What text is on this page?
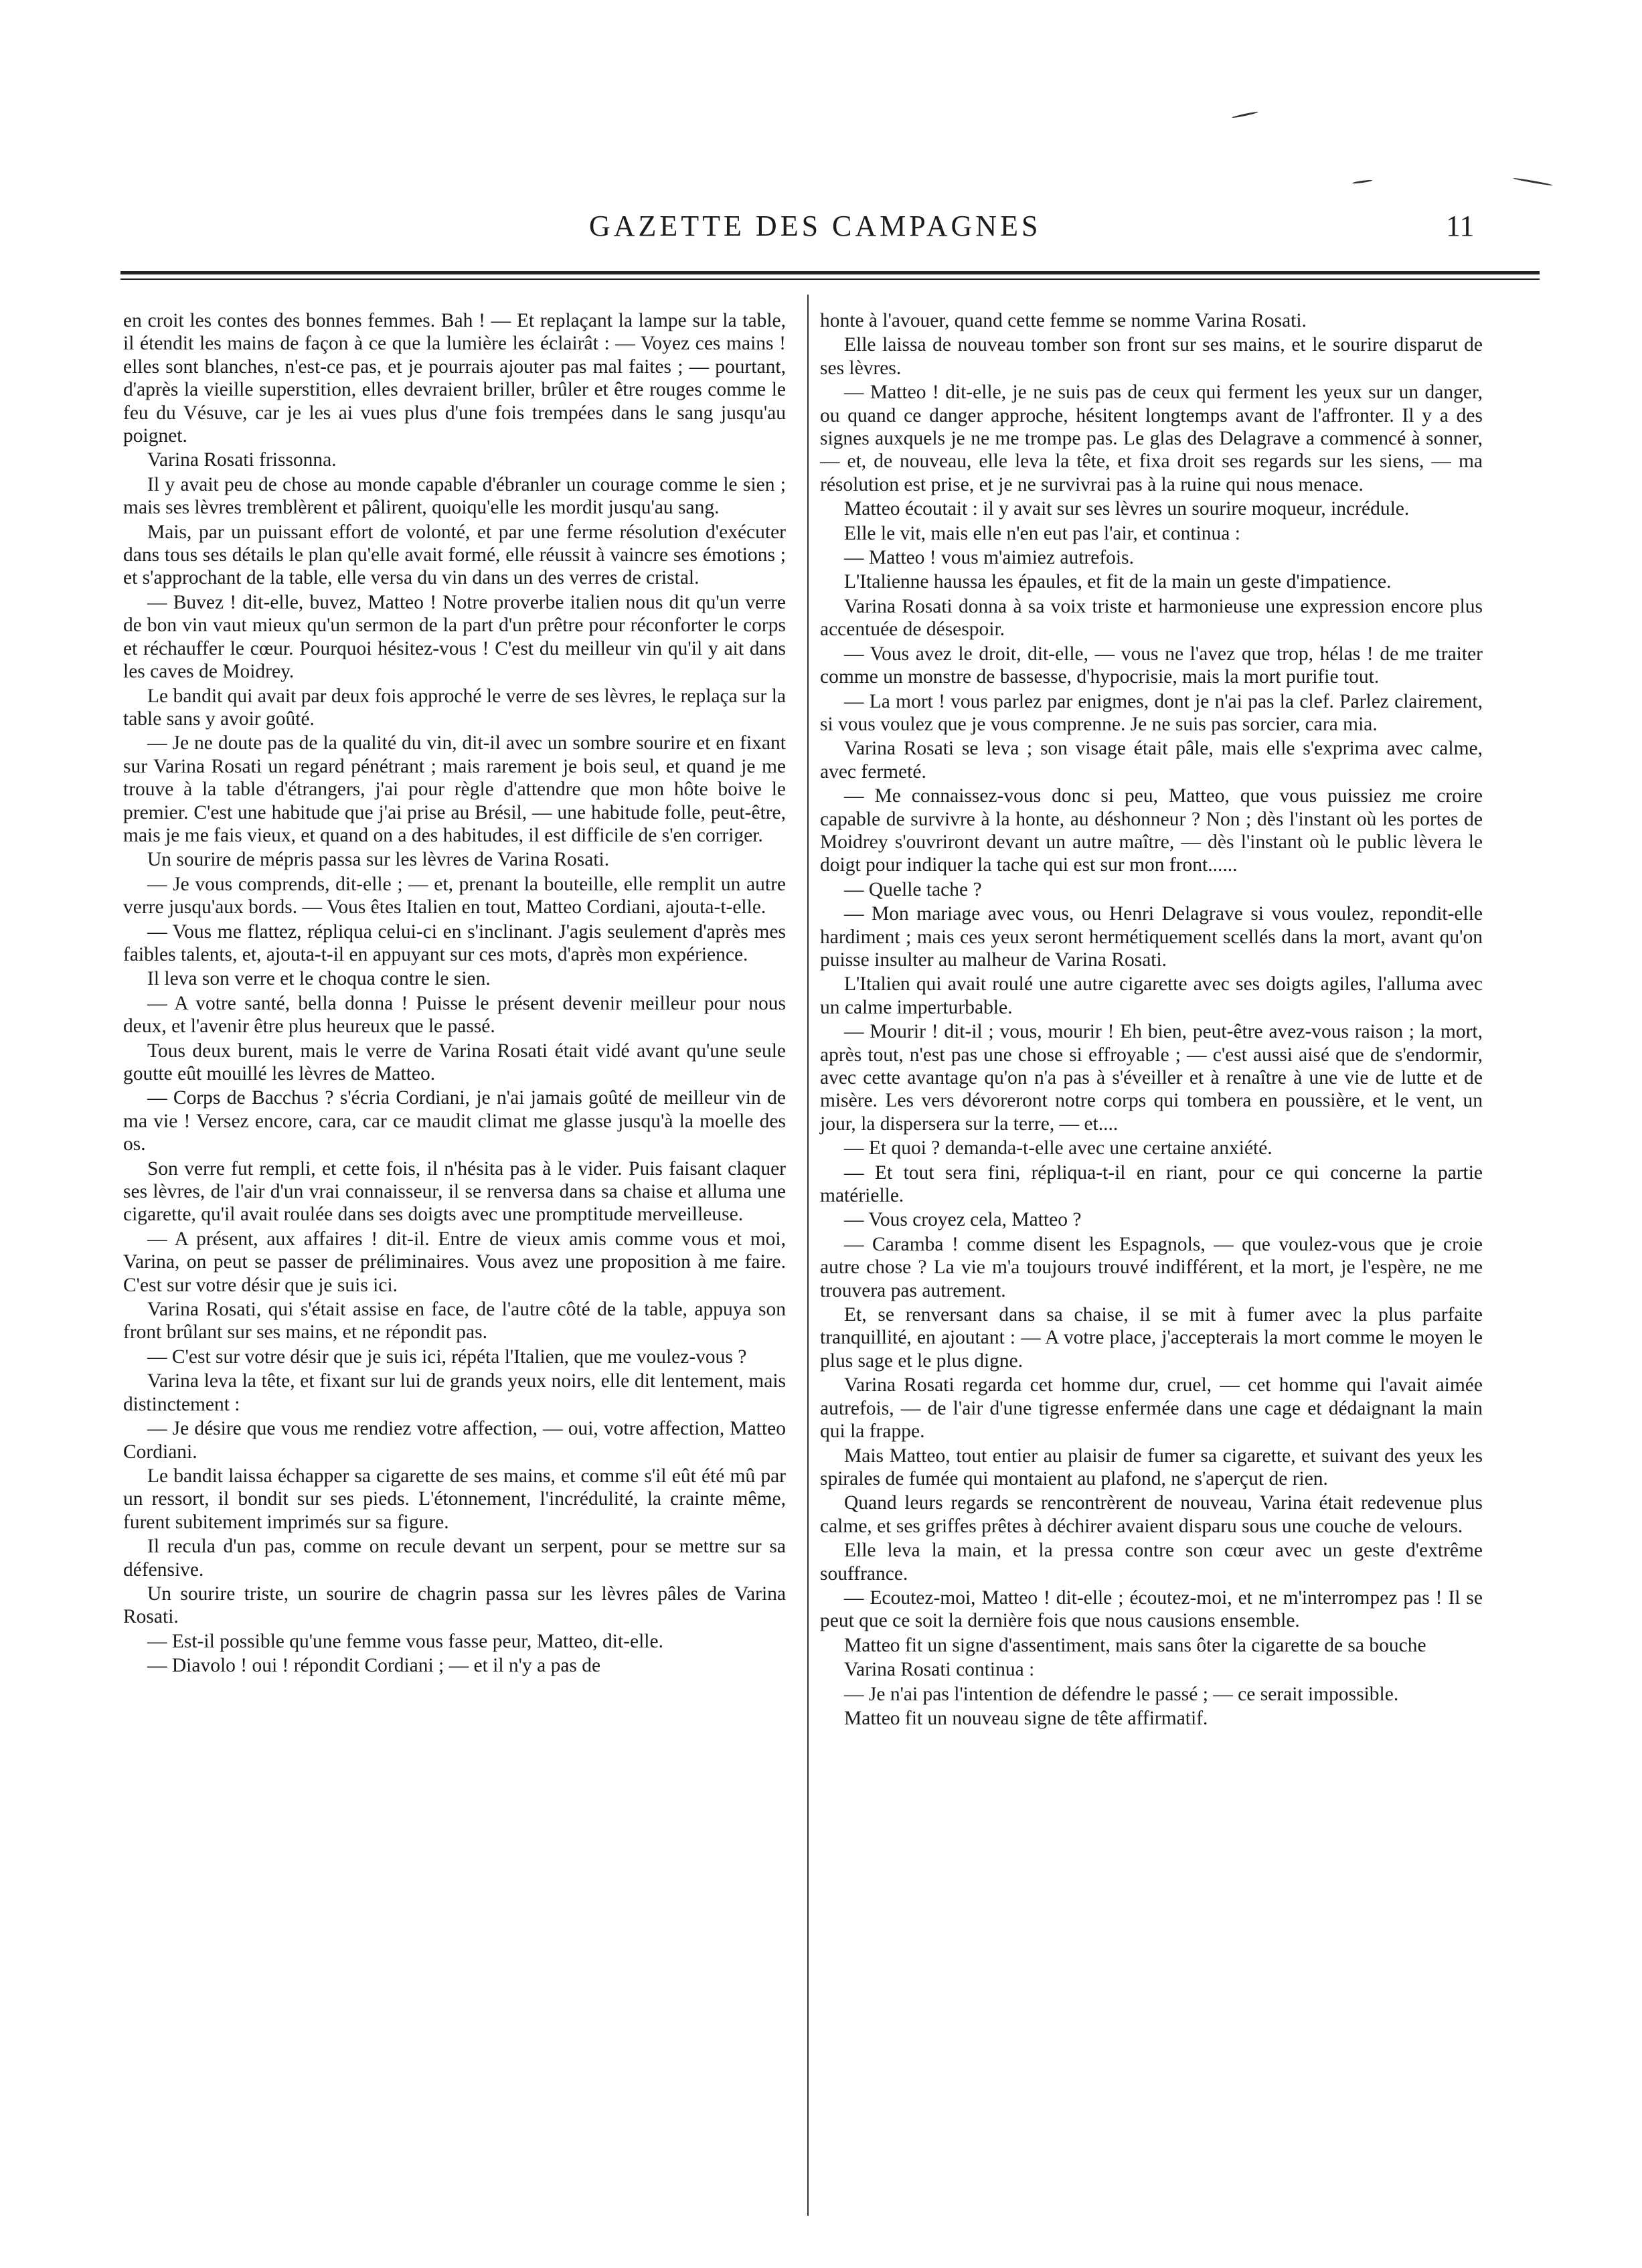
GAZETTE DES CAMPAGNES	11

en croit les contes des bonnes femmes. Bah ! — Et replaçant la lampe sur la table, il étendit les mains de façon à ce que la lumière les éclairât : — Voyez ces mains ! elles sont blanches, n'est-ce pas, et je pourrais ajouter pas mal faites ; — pourtant, d'après la vieille superstition, elles devraient briller, brûler et être rouges comme le feu du Vésuve, car je les ai vues plus d'une fois trempées dans le sang jusqu'au poignet.

Varina Rosati frissonna.

Il y avait peu de chose au monde capable d'ébranler un courage comme le sien ; mais ses lèvres tremblèrent et pâlirent, quoiqu'elle les mordit jusqu'au sang.

Mais, par un puissant effort de volonté, et par une ferme résolution d'exécuter dans tous ses détails le plan qu'elle avait formé, elle réussit à vaincre ses émotions ; et s'approchant de la table, elle versa du vin dans un des verres de cristal.

— Buvez ! dit-elle, buvez, Matteo ! Notre proverbe italien nous dit qu'un verre de bon vin vaut mieux qu'un sermon de la part d'un prêtre pour réconforter le corps et réchauffer le cœur. Pourquoi hésitez-vous ! C'est du meilleur vin qu'il y ait dans les caves de Moidrey.

Le bandit qui avait par deux fois approché le verre de ses lèvres, le replaça sur la table sans y avoir goûté.

— Je ne doute pas de la qualité du vin, dit-il avec un sombre sourire et en fixant sur Varina Rosati un regard pénétrant ; mais rarement je bois seul, et quand je me trouve à la table d'étrangers, j'ai pour règle d'attendre que mon hôte boive le premier. C'est une habitude que j'ai prise au Brésil, — une habitude folle, peut-être, mais je me fais vieux, et quand on a des habitudes, il est difficile de s'en corriger.

Un sourire de mépris passa sur les lèvres de Varina Rosati.

— Je vous comprends, dit-elle ; — et, prenant la bouteille, elle remplit un autre verre jusqu'aux bords. — Vous êtes Italien en tout, Matteo Cordiani, ajouta-t-elle.

— Vous me flattez, répliqua celui-ci en s'inclinant. J'agis seulement d'après mes faibles talents, et, ajouta-t-il en appuyant sur ces mots, d'après mon expérience.

Il leva son verre et le choqua contre le sien.

— A votre santé, bella donna ! Puisse le présent devenir meilleur pour nous deux, et l'avenir être plus heureux que le passé.

Tous deux burent, mais le verre de Varina Rosati était vidé avant qu'une seule goutte eût mouillé les lèvres de Matteo.

— Corps de Bacchus ? s'écria Cordiani, je n'ai jamais goûté de meilleur vin de ma vie ! Versez encore, cara, car ce maudit climat me glasse jusqu'à la moelle des os.

Son verre fut rempli, et cette fois, il n'hésita pas à le vider. Puis faisant claquer ses lèvres, de l'air d'un vrai connaisseur, il se renversa dans sa chaise et alluma une cigarette, qu'il avait roulée dans ses doigts avec une promptitude merveilleuse.

— A présent, aux affaires ! dit-il. Entre de vieux amis comme vous et moi, Varina, on peut se passer de préliminaires. Vous avez une proposition à me faire. C'est sur votre désir que je suis ici.

Varina Rosati, qui s'était assise en face, de l'autre côté de la table, appuya son front brûlant sur ses mains, et ne répondit pas.

— C'est sur votre désir que je suis ici, répéta l'Italien, que me voulez-vous ?

Varina leva la tête, et fixant sur lui de grands yeux noirs, elle dit lentement, mais distinctement :

— Je désire que vous me rendiez votre affection, — oui, votre affection, Matteo Cordiani.

Le bandit laissa échapper sa cigarette de ses mains, et comme s'il eût été mû par un ressort, il bondit sur ses pieds. L'étonnement, l'incrédulité, la crainte même, furent subitement imprimés sur sa figure.

Il recula d'un pas, comme on recule devant un serpent, pour se mettre sur sa défensive.

Un sourire triste, un sourire de chagrin passa sur les lèvres pâles de Varina Rosati.

— Est-il possible qu'une femme vous fasse peur, Matteo, dit-elle.

— Diavolo ! oui ! répondit Cordiani ; — et il n'y a pas de

honte à l'avouer, quand cette femme se nomme Varina Rosati.

Elle laissa de nouveau tomber son front sur ses mains, et le sourire disparut de ses lèvres.

— Matteo ! dit-elle, je ne suis pas de ceux qui ferment les yeux sur un danger, ou quand ce danger approche, hésitent longtemps avant de l'affronter. Il y a des signes auxquels je ne me trompe pas. Le glas des Delagrave a commencé à sonner, — et, de nouveau, elle leva la tête, et fixa droit ses regards sur les siens, — ma résolution est prise, et je ne survivrai pas à la ruine qui nous menace.

Matteo écoutait : il y avait sur ses lèvres un sourire moqueur, incrédule.

Elle le vit, mais elle n'en eut pas l'air, et continua :

— Matteo ! vous m'aimiez autrefois.

L'Italienne haussa les épaules, et fit de la main un geste d'impatience.

Varina Rosati donna à sa voix triste et harmonieuse une expression encore plus accentuée de désespoir.

— Vous avez le droit, dit-elle, — vous ne l'avez que trop, hélas ! de me traiter comme un monstre de bassesse, d'hypocrisie, mais la mort purifie tout.

— La mort ! vous parlez par enigmes, dont je n'ai pas la clef. Parlez clairement, si vous voulez que je vous comprenne. Je ne suis pas sorcier, cara mia.

Varina Rosati se leva ; son visage était pâle, mais elle s'exprima avec calme, avec fermeté.

— Me connaissez-vous donc si peu, Matteo, que vous puissiez me croire capable de survivre à la honte, au déshonneur ? Non ; dès l'instant où les portes de Moidrey s'ouvriront devant un autre maître, — dès l'instant où le public lèvera le doigt pour indiquer la tache qui est sur mon front......

— Quelle tache ?

— Mon mariage avec vous, ou Henri Delagrave si vous voulez, repondit-elle hardiment ; mais ces yeux seront hermétiquement scellés dans la mort, avant qu'on puisse insulter au malheur de Varina Rosati.

L'Italien qui avait roulé une autre cigarette avec ses doigts agiles, l'alluma avec un calme imperturbable.

— Mourir ! dit-il ; vous, mourir ! Eh bien, peut-être avez-vous raison ; la mort, après tout, n'est pas une chose si effroyable ; — c'est aussi aisé que de s'endormir, avec cette avantage qu'on n'a pas à s'éveiller et à renaître à une vie de lutte et de misère. Les vers dévoreront notre corps qui tombera en poussière, et le vent, un jour, la dispersera sur la terre, — et....

— Et quoi ? demanda-t-elle avec une certaine anxiété.

— Et tout sera fini, répliqua-t-il en riant, pour ce qui concerne la partie matérielle.

— Vous croyez cela, Matteo ?

— Caramba ! comme disent les Espagnols, — que voulez-vous que je croie autre chose ? La vie m'a toujours trouvé indifférent, et la mort, je l'espère, ne me trouvera pas autrement.

Et, se renversant dans sa chaise, il se mit à fumer avec la plus parfaite tranquillité, en ajoutant : — A votre place, j'accepterais la mort comme le moyen le plus sage et le plus digne.

Varina Rosati regarda cet homme dur, cruel, — cet homme qui l'avait aimée autrefois, — de l'air d'une tigresse enfermée dans une cage et dédaignant la main qui la frappe.

Mais Matteo, tout entier au plaisir de fumer sa cigarette, et suivant des yeux les spirales de fumée qui montaient au plafond, ne s'aperçut de rien.

Quand leurs regards se rencontrèrent de nouveau, Varina était redevenue plus calme, et ses griffes prêtes à déchirer avaient disparu sous une couche de velours.

Elle leva la main, et la pressa contre son cœur avec un geste d'extrême souffrance.

— Ecoutez-moi, Matteo ! dit-elle ; écoutez-moi, et ne m'interrompez pas ! Il se peut que ce soit la dernière fois que nous causions ensemble.

Matteo fit un signe d'assentiment, mais sans ôter la cigarette de sa bouche

Varina Rosati continua :

— Je n'ai pas l'intention de défendre le passé ; — ce serait impossible.

Matteo fit un nouveau signe de tête affirmatif.
